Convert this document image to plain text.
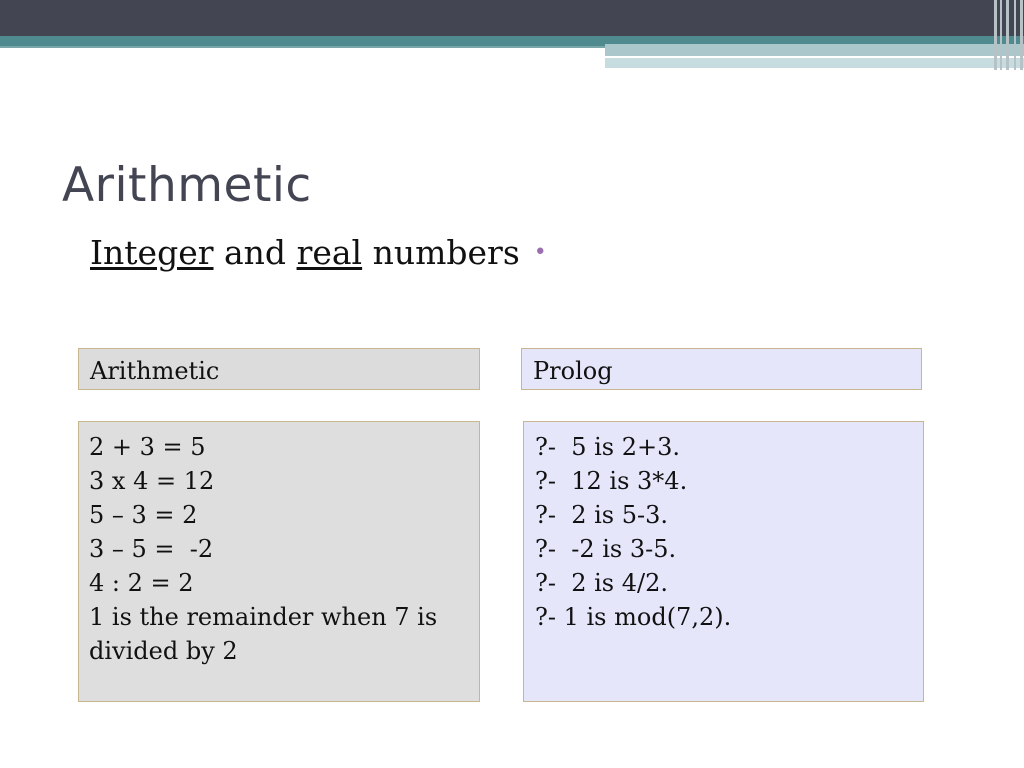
Arithmetic
Integer and real numbers •
Arithmetic	Prolog
2 + 3 = 5
3 x 4 = 12
5 – 3 = 2
3 – 5 =  -2
4 : 2 = 2
1 is the remainder when 7 is divided by 2
?-  5 is 2+3.
?-  12 is 3*4.
?-  2 is 5-3.
?-  -2 is 3-5.
?-  2 is 4/2.
?- 1 is mod(7,2).
